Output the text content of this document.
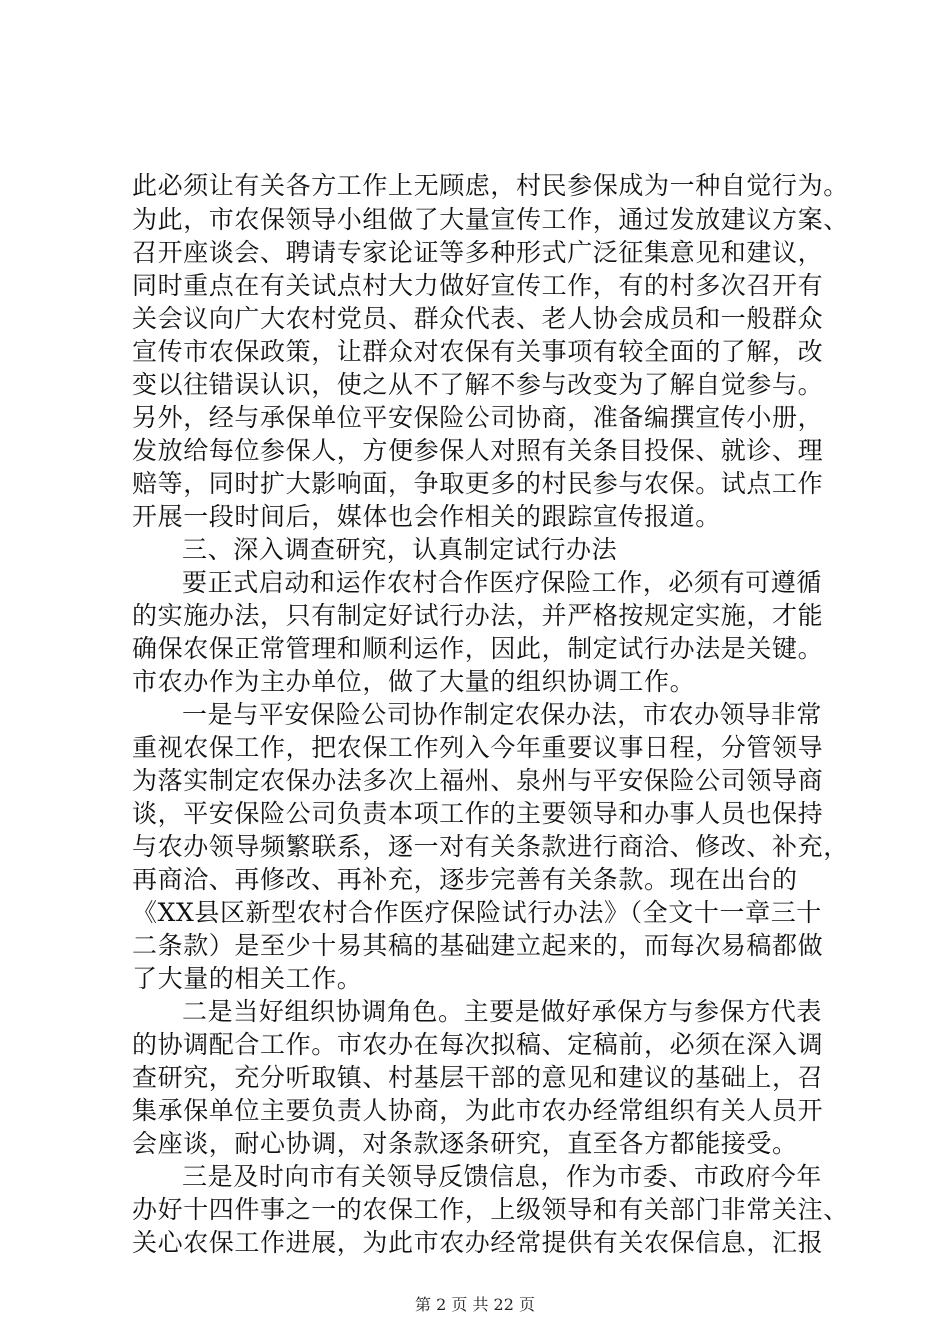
此必须让有关各方工作上无顾虑，村民参保成为一种自觉行为。
为此，市农保领导小组做了大量宣传工作，通过发放建议方案、
召开座谈会、聘请专家论证等多种形式广泛征集意见和建议，
同时重点在有关试点村大力做好宣传工作，有的村多次召开有
关会议向广大农村党员、群众代表、老人协会成员和一般群众
宣传市农保政策，让群众对农保有关事项有较全面的了解，改
变以往错误认识，使之从不了解不参与改变为了解自觉参与。
另外，经与承保单位平安保险公司协商，准备编撰宣传小册，
发放给每位参保人，方便参保人对照有关条目投保、就诊、理
赔等，同时扩大影响面，争取更多的村民参与农保。试点工作
开展一段时间后，媒体也会作相关的跟踪宣传报道。
三、深入调查研究，认真制定试行办法
要正式启动和运作农村合作医疗保险工作，必须有可遵循
的实施办法，只有制定好试行办法，并严格按规定实施，才能
确保农保正常管理和顺利运作，因此，制定试行办法是关键。
市农办作为主办单位，做了大量的组织协调工作。
一是与平安保险公司协作制定农保办法，市农办领导非常
重视农保工作，把农保工作列入今年重要议事日程，分管领导
为落实制定农保办法多次上福州、泉州与平安保险公司领导商
谈，平安保险公司负责本项工作的主要领导和办事人员也保持
与农办领导频繁联系，逐一对有关条款进行商洽、修改、补充，
再商洽、再修改、再补充，逐步完善有关条款。现在出台的
《XX县区新型农村合作医疗保险试行办法》（全文十一章三十
二条款）是至少十易其稿的基础建立起来的，而每次易稿都做
了大量的相关工作。
二是当好组织协调角色。主要是做好承保方与参保方代表
的协调配合工作。市农办在每次拟稿、定稿前，必须在深入调
查研究，充分听取镇、村基层干部的意见和建议的基础上，召
集承保单位主要负责人协商，为此市农办经常组织有关人员开
会座谈，耐心协调，对条款逐条研究，直至各方都能接受。
三是及时向市有关领导反馈信息，作为市委、市政府今年
办好十四件事之一的农保工作，上级领导和有关部门非常关注、
关心农保工作进展，为此市农办经常提供有关农保信息，汇报
第 2 页 共 22 页
